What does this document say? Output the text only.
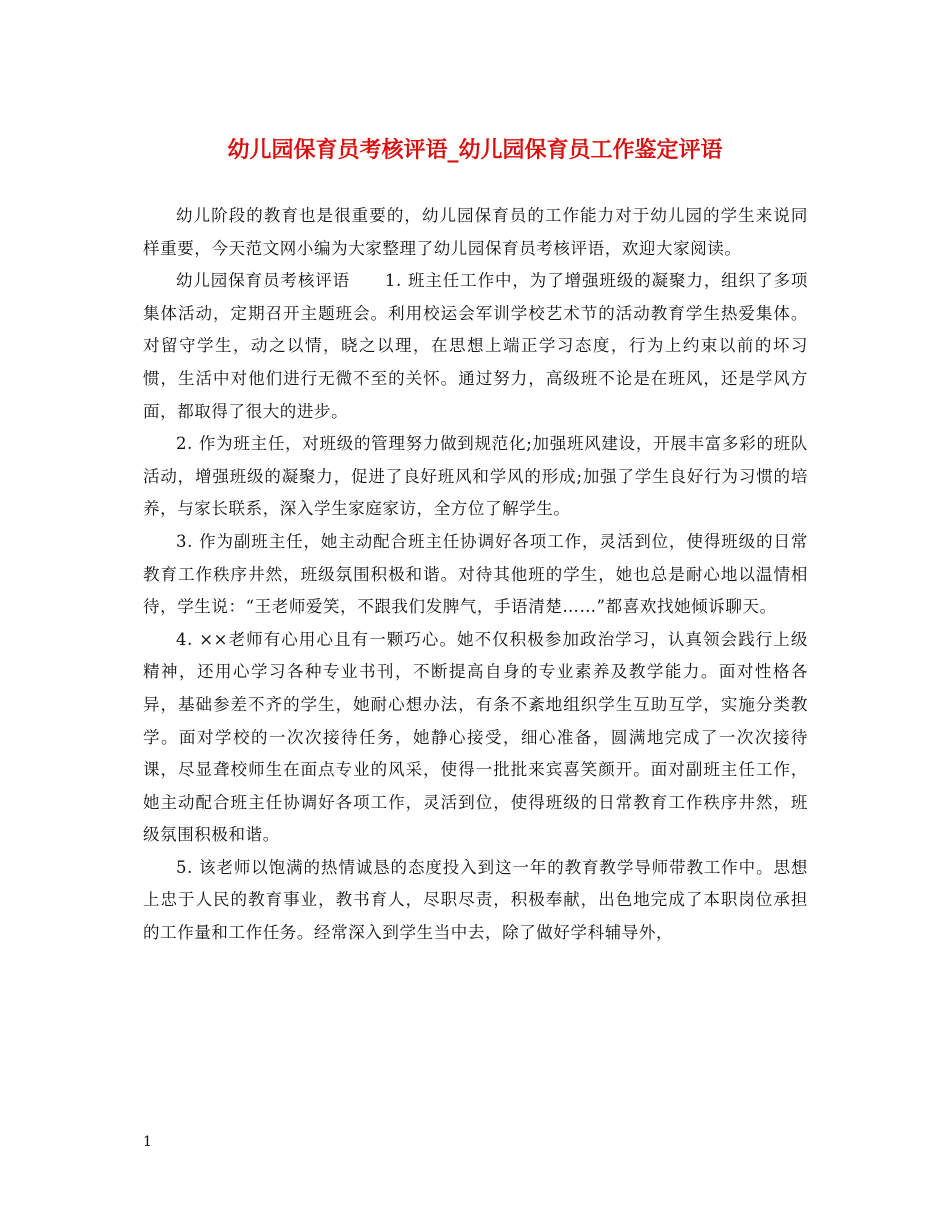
幼儿园保育员考核评语_幼儿园保育员工作鉴定评语

幼儿阶段的教育也是很重要的，幼儿园保育员的工作能力对于幼儿园的学生来说同样重要，今天范文网小编为大家整理了幼儿园保育员考核评语，欢迎大家阅读。

幼儿园保育员考核评语　　1. 班主任工作中，为了增强班级的凝聚力，组织了多项集体活动，定期召开主题班会。利用校运会军训学校艺术节的活动教育学生热爱集体。对留守学生，动之以情，晓之以理，在思想上端正学习态度，行为上约束以前的坏习惯，生活中对他们进行无微不至的关怀。通过努力，高级班不论是在班风，还是学风方面，都取得了很大的进步。

2. 作为班主任，对班级的管理努力做到规范化;加强班风建设，开展丰富多彩的班队活动，增强班级的凝聚力，促进了良好班风和学风的形成;加强了学生良好行为习惯的培养，与家长联系，深入学生家庭家访，全方位了解学生。

3. 作为副班主任，她主动配合班主任协调好各项工作，灵活到位，使得班级的日常教育工作秩序井然，班级氛围积极和谐。对待其他班的学生，她也总是耐心地以温情相待，学生说：“王老师爱笑，不跟我们发脾气，手语清楚……”都喜欢找她倾诉聊天。

4. ××老师有心用心且有一颗巧心。她不仅积极参加政治学习，认真领会践行上级精神，还用心学习各种专业书刊，不断提高自身的专业素养及教学能力。面对性格各异，基础参差不齐的学生，她耐心想办法，有条不紊地组织学生互助互学，实施分类教学。面对学校的一次次接待任务，她静心接受，细心准备，圆满地完成了一次次接待课，尽显聋校师生在面点专业的风采，使得一批批来宾喜笑颜开。面对副班主任工作，她主动配合班主任协调好各项工作，灵活到位，使得班级的日常教育工作秩序井然，班级氛围积极和谐。

5. 该老师以饱满的热情诚恳的态度投入到这一年的教育教学导师带教工作中。思想上忠于人民的教育事业，教书育人，尽职尽责，积极奉献，出色地完成了本职岗位承担的工作量和工作任务。经常深入到学生当中去，除了做好学科辅导外，

1
